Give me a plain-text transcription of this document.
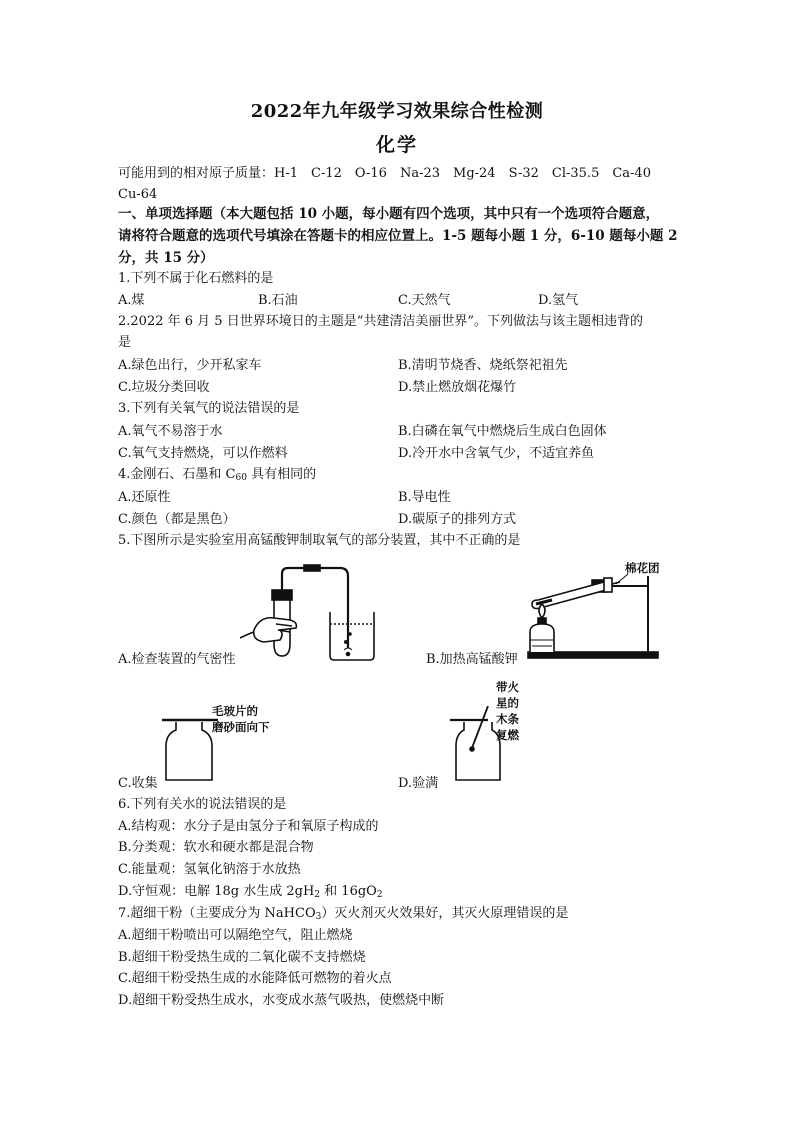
2022年九年级学习效果综合性检测
化学
可能用到的相对原子质量：H-1　C-12　O-16　Na-23　Mg-24　S-32　Cl-35.5　Ca-40　Cu-64
一、单项选择题（本大题包括 10 小题，每小题有四个选项，其中只有一个选项符合题意，
请将符合题意的选项代号填涂在答题卡的相应位置上。1-5 题每小题 1 分，6-10 题每小题 2
分，共 15 分）
1.下列不属于化石燃料的是
A.煤	B.石油	C.天然气	D.氢气
2.2022 年 6 月 5 日世界环境日的主题是“共建清洁美丽世界”。下列做法与该主题相违背的
是
A.绿色出行，少开私家车	B.清明节烧香、烧纸祭祀祖先
C.垃圾分类回收	D.禁止燃放烟花爆竹
3.下列有关氧气的说法错误的是
A.氧气不易溶于水	B.白磷在氧气中燃烧后生成白色固体
C.氧气支持燃烧，可以作燃料	D.冷开水中含氧气少，不适宜养鱼
4.金刚石、石墨和 $C_{60}$ 具有相同的
A.还原性	B.导电性
C.颜色（都是黑色）	D.碳原子的排列方式
5.下图所示是实验室用高锰酸钾制取氧气的部分装置，其中不正确的是
A.检查装置的气密性
棉花团
B.加热高锰酸钾
毛玻片的
磨砂面向下
C.收集
带火
星的
木条
复燃
D.验满
6.下列有关水的说法错误的是
A.结构观：水分子是由氢分子和氧原子构成的
B.分类观：软水和硬水都是混合物
C.能量观：氢氧化钠溶于水放热
D.守恒观：电解 18g 水生成 $2gH_2$ 和 $16gO_2$
7.超细干粉（主要成分为 NaHCO$_3$）灭火剂灭火效果好，其灭火原理错误的是
A.超细干粉喷出可以隔绝空气，阻止燃烧
B.超细干粉受热生成的二氧化碳不支持燃烧
C.超细干粉受热生成的水能降低可燃物的着火点
D.超细干粉受热生成水，水变成水蒸气吸热，使燃烧中断
